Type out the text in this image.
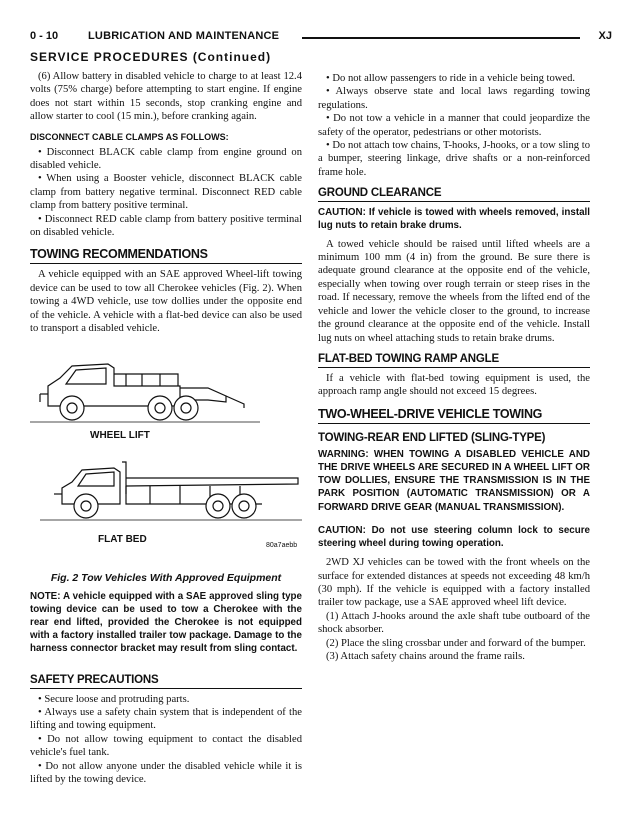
0 - 10	LUBRICATION AND MAINTENANCE	XJ
SERVICE PROCEDURES (Continued)

(6) Allow battery in disabled vehicle to charge to at least 12.4 volts (75% charge) before attempting to start engine. If engine does not start within 15 seconds, stop cranking engine and allow starter to cool (15 min.), before cranking again.

DISCONNECT CABLE CLAMPS AS FOLLOWS:

• Disconnect BLACK cable clamp from engine ground on disabled vehicle.

• When using a Booster vehicle, disconnect BLACK cable clamp from battery negative terminal. Disconnect RED cable clamp from battery positive terminal.

• Disconnect RED cable clamp from battery positive terminal on disabled vehicle.

TOWING RECOMMENDATIONS

A vehicle equipped with an SAE approved Wheel-lift towing device can be used to tow all Cherokee vehicles (Fig. 2). When towing a 4WD vehicle, use tow dollies under the opposite end of the vehicle. A vehicle with a flat-bed device can also be used to transport a disabled vehicle.

WHEEL LIFT
FLAT BED
80a7aebb
Fig. 2 Tow Vehicles With Approved Equipment

NOTE: A vehicle equipped with a SAE approved sling type towing device can be used to tow a Cherokee with the rear end lifted, provided the Cherokee is not equipped with a factory installed trailer tow package. Damage to the harness connector bracket may result from sling contact.

SAFETY PRECAUTIONS

• Secure loose and protruding parts.

• Always use a safety chain system that is independent of the lifting and towing equipment.

• Do not allow towing equipment to contact the disabled vehicle's fuel tank.

• Do not allow anyone under the disabled vehicle while it is lifted by the towing device.

• Do not allow passengers to ride in a vehicle being towed.

• Always observe state and local laws regarding towing regulations.

• Do not tow a vehicle in a manner that could jeopardize the safety of the operator, pedestrians or other motorists.

• Do not attach tow chains, T-hooks, J-hooks, or a tow sling to a bumper, steering linkage, drive shafts or a non-reinforced frame hole.

GROUND CLEARANCE

CAUTION: If vehicle is towed with wheels removed, install lug nuts to retain brake drums.

A towed vehicle should be raised until lifted wheels are a minimum 100 mm (4 in) from the ground. Be sure there is adequate ground clearance at the opposite end of the vehicle, especially when towing over rough terrain or steep rises in the road. If necessary, remove the wheels from the lifted end of the vehicle and lower the vehicle closer to the ground, to increase the ground clearance at the opposite end of the vehicle. Install lug nuts on wheel attaching studs to retain brake drums.

FLAT-BED TOWING RAMP ANGLE

If a vehicle with flat-bed towing equipment is used, the approach ramp angle should not exceed 15 degrees.

TWO-WHEEL-DRIVE VEHICLE TOWING
TOWING-REAR END LIFTED (SLING-TYPE)

WARNING: WHEN TOWING A DISABLED VEHICLE AND THE DRIVE WHEELS ARE SECURED IN A WHEEL LIFT OR TOW DOLLIES, ENSURE THE TRANSMISSION IS IN THE PARK POSITION (AUTOMATIC TRANSMISSION) OR A FORWARD DRIVE GEAR (MANUAL TRANSMISSION).

CAUTION: Do not use steering column lock to secure steering wheel during towing operation.

2WD XJ vehicles can be towed with the front wheels on the surface for extended distances at speeds not exceeding 48 km/h (30 mph). If the vehicle is equipped with a factory installed trailer tow package, use a SAE approved wheel lift device.

(1) Attach J-hooks around the axle shaft tube outboard of the shock absorber.

(2) Place the sling crossbar under and forward of the bumper.

(3) Attach safety chains around the frame rails.
